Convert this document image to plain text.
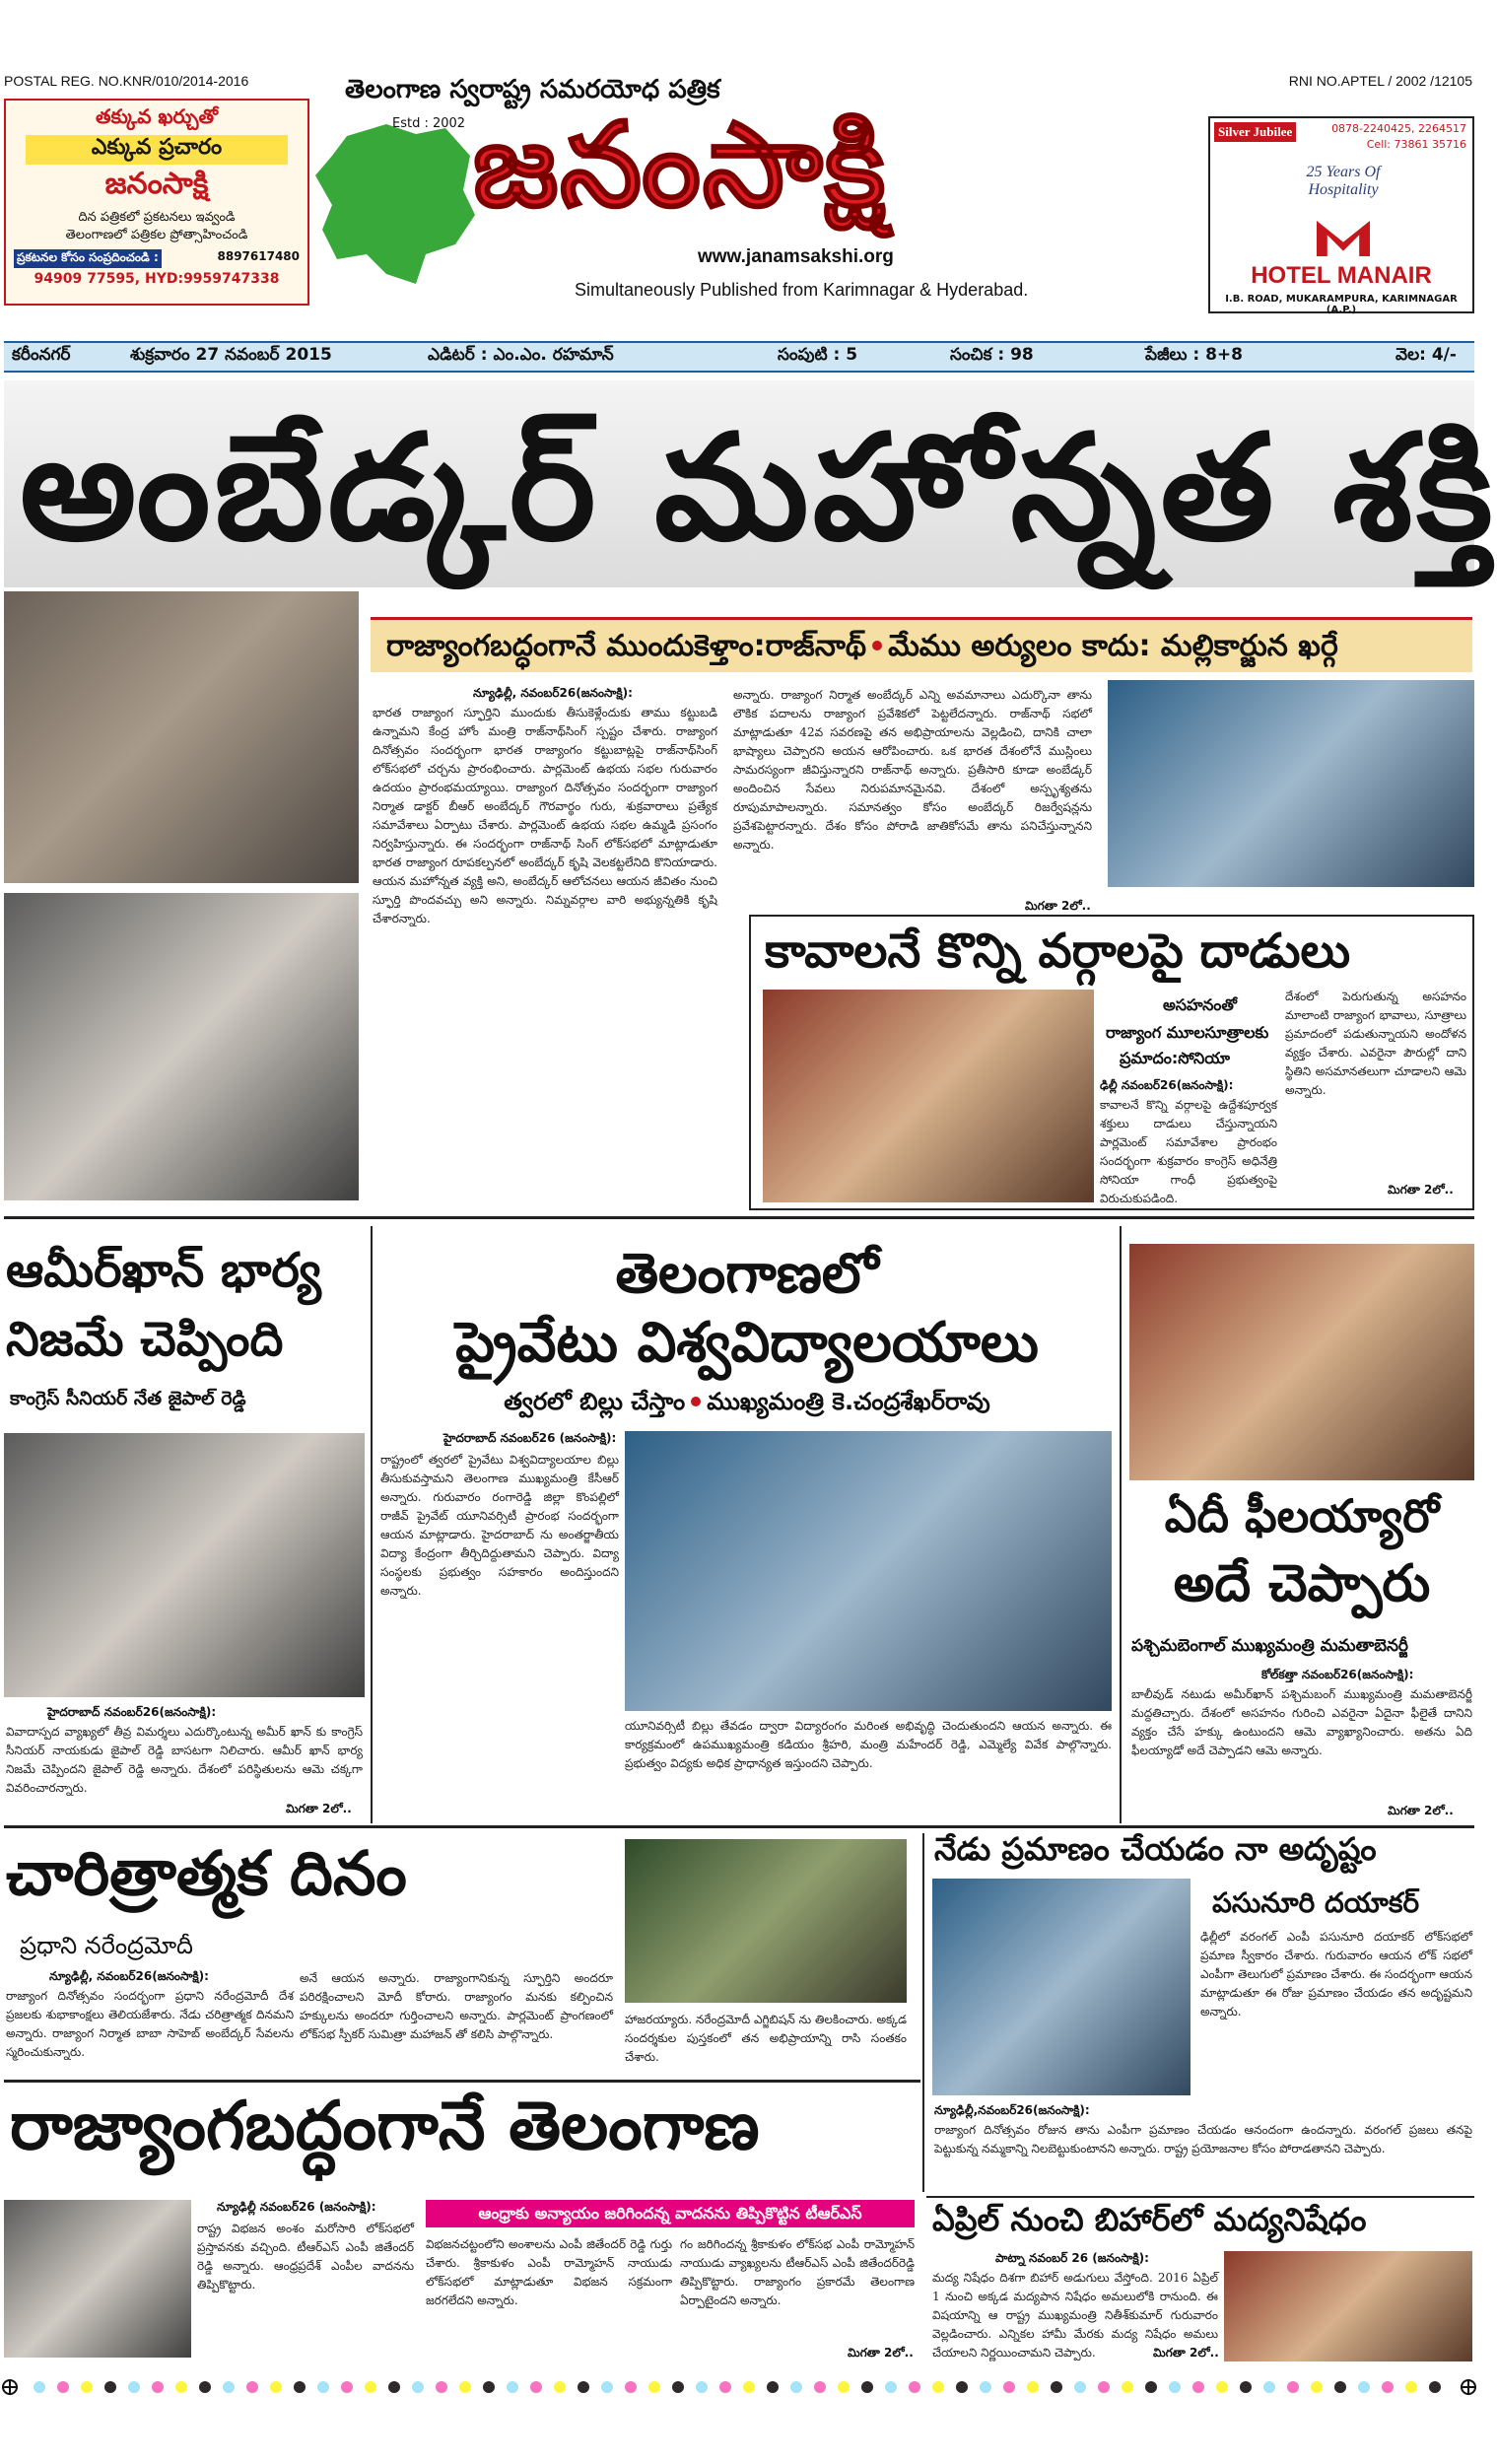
POSTAL REG. NO.KNR/010/2014-2016	RNI NO.APTEL / 2002 /12105
తక్కువ ఖర్చుతో
ఎక్కువ ప్రచారం
జనంసాక్షి
దిన పత్రికలో ప్రకటనలు ఇవ్వండి
తెలంగాణలో పత్రికల ప్రోత్సాహించండి
ప్రకటనల కోసం సంప్రదించండి :	8897617480
94909 77595, HYD:9959747338
తెలంగాణ స్వరాష్ట్ర సమరయోధ పత్రిక
Estd : 2002 జనంసాక్షి
www.janamsakshi.org
Simultaneously Published from Karimnagar & Hyderabad.
Silver Jubilee	0878-2240425, 2264517
Cell: 73861 35716
25 Years Of Hospitality
HOTEL MANAIR
I.B. ROAD, MUKARAMPURA, KARIMNAGAR (A.P.)
కరీంనగర్	శుక్రవారం 27 నవంబర్ 2015	ఎడిటర్ : ఎం.ఎం. రహమాన్	సంపుటి : 5	సంచిక : 98	పేజీలు : 8+8	వెల: 4/-
అంబేడ్కర్ మహోన్నత శక్తి
రాజ్యాంగబద్ధంగానే ముందుకెళ్తాం:రాజ్‌నాథ్ మేము అర్యులం కాదు: మల్లికార్జున ఖర్గే
న్యూఢిల్లీ, నవంబర్26(జనంసాక్షి):
భారత రాజ్యాంగ స్ఫూర్తిని ముందుకు తీసుకెళ్లేందుకు తాము కట్టుబడి ఉన్నామని కేంద్ర హోం మంత్రి రాజ్‌నాథ్‌సింగ్ స్పష్టం చేశారు. రాజ్యాంగ దినోత్సవం సందర్భంగా భారత రాజ్యాంగం కట్టుబాట్లపై రాజ్‌నాథ్‌సింగ్ లోక్‌సభలో చర్చను ప్రారంభించారు. పార్లమెంట్ ఉభయ సభల గురువారం ఉదయం ప్రారంభమయ్యాయి. రాజ్యాంగ దినోత్సవం సందర్భంగా రాజ్యాంగ నిర్మాత డాక్టర్ బీఆర్ అంబేద్కర్ గౌరవార్థం గురు, శుక్రవారాలు ప్రత్యేక సమావేశాలు ఏర్పాటు చేశారు. పార్లమెంట్ ఉభయ సభల ఉమ్మడి ప్రసంగం నిర్వహిస్తున్నారు. ఈ సందర్భంగా రాజ్‌నాథ్ సింగ్ లోక్‌సభలో మాట్లాడుతూ భారత రాజ్యాంగ రూపకల్పనలో అంబేద్కర్ కృషి వెలకట్టలేనిది కొనియాడారు. ఆయన మహోన్నత వ్యక్తి అని, అంబేద్కర్ ఆలోచనలు ఆయన జీవితం నుంచి స్ఫూర్తి పొందవచ్చు అని అన్నారు. నిమ్నవర్గాల వారి అభ్యున్నతికి కృషి చేశారన్నారు.
అన్నారు. రాజ్యాంగ నిర్మాత అంబేద్కర్ ఎన్ని అవమానాలు ఎదుర్కొనా తాను లౌకిక పదాలను రాజ్యాంగ ప్రవేశికలో పెట్టలేదన్నారు. రాజ్‌నాథ్ సభలో మాట్లాడుతూ 42వ సవరణపై తన అభిప్రాయాలను వెల్లడించి, దానికి చాలా భాష్యాలు చెప్పారని అయన ఆరోపించారు. ఒక భారత దేశంలోనే ముస్లింలు సామరస్యంగా జీవిస్తున్నారని రాజ్‌నాథ్ అన్నారు. ప్రతీసారి కూడా అంబేడ్కర్ అందించిన సేవలు నిరుపమానమైనవి. దేశంలో అస్పృశ్యతను రూపుమాపాలన్నారు. సమానత్వం కోసం అంబేద్కర్ రిజర్వేషన్లను ప్రవేశపెట్టారన్నారు. దేశం కోసం పోరాడి జాతికోసమే తాను పనిచేస్తున్నానని అన్నారు.
మిగతా 2లో..
కావాలనే కొన్ని వర్గాలపై దాడులు
అసహనంతో
రాజ్యాంగ మూలసూత్రాలకు
ప్రమాదం:సోనియా
ఢిల్లీ నవంబర్26(జనంసాక్షి):
కావాలనే కొన్ని వర్గాలపై ఉద్దేశపూర్వక శక్తులు దాడులు చేస్తున్నాయని పార్లమెంట్ సమావేశాల ప్రారంభం సందర్భంగా శుక్రవారం కాంగ్రెస్ అధినేత్రి సోనియా గాంధీ ప్రభుత్వంపై విరుచుకుపడింది.
దేశంలో పెరుగుతున్న అసహనం మాలాంటి రాజ్యాంగ భావాలు, సూత్రాలు ప్రమాదంలో పడుతున్నాయని అందోళన వ్యక్తం చేశారు. ఎవరైనా పౌరుల్లో దాని స్థితిని అసమానతలుగా చూడాలని ఆమె అన్నారు.
మిగతా 2లో..
ఆమీర్‌ఖాన్ భార్య
నిజమే చెప్పింది
కాంగ్రెస్ సీనియర్ నేత జైపాల్ రెడ్డి
హైదరాబాద్ నవంబర్26(జనంసాక్షి):
వివాదాస్పద వ్యాఖ్యలో తీవ్ర విమర్శలు ఎదుర్కొంటున్న అమీర్ ఖాన్ కు కాంగ్రెస్ సీనియర్ నాయకుడు జైపాల్ రెడ్డి బాసటగా నిలిచారు. ఆమీర్ ఖాన్ భార్య నిజమే చెప్పిందని జైపాల్ రెడ్డి అన్నారు. దేశంలో పరిస్థితులను ఆమె చక్కగా వివరించారన్నారు.
మిగతా 2లో..
తెలంగాణలో
ప్రైవేటు విశ్వవిద్యాలయాలు
త్వరలో బిల్లు చేస్తాం ముఖ్యమంత్రి కె.చంద్రశేఖర్‌రావు
హైదరాబాద్ నవంబర్26 (జనంసాక్షి):
రాష్ట్రంలో త్వరలో ప్రైవేటు విశ్వవిద్యాలయాల బిల్లు తీసుకువస్తామని తెలంగాణ ముఖ్యమంత్రి కేసీఆర్ అన్నారు. గురువారం రంగారెడ్డి జిల్లా కొంపల్లిలో రాజీవ్ ప్రైవేట్ యూనివర్సిటీ ప్రారంభ సందర్భంగా ఆయన మాట్లాడారు. హైదరాబాద్ ను అంతర్జాతీయ విద్యా కేంద్రంగా తీర్చిదిద్దుతామని చెప్పారు. విద్యా సంస్థలకు ప్రభుత్వం సహకారం అందిస్తుందని అన్నారు.
యూనివర్సిటీ బిల్లు తేవడం ద్వారా విద్యారంగం మరింత అభివృద్ధి చెందుతుందని ఆయన అన్నారు. ఈ కార్యక్రమంలో ఉపముఖ్యమంత్రి కడియం శ్రీహరి, మంత్రి మహేందర్ రెడ్డి, ఎమ్మెల్యే వివేక పాల్గొన్నారు. ప్రభుత్వం విద్యకు అధిక ప్రాధాన్యత ఇస్తుందని చెప్పారు.
ఏదీ ఫీలయ్యారో
అదే చెప్పారు
పశ్చిమబెంగాల్ ముఖ్యమంత్రి మమతాబెనర్జీ
కోల్‌కత్తా నవంబర్26(జనంసాక్షి):
బాలీవుడ్ నటుడు అమీర్‌ఖాన్ పశ్చిమబంగ్ ముఖ్యమంత్రి మమతాబెనర్జీ మద్దతిచ్చారు. దేశంలో అసహనం గురించి ఎవరైనా ఏదైనా ఫీలైతే దానిని వ్యక్తం చేసే హక్కు ఉంటుందని ఆమె వ్యాఖ్యానించారు. అతను ఏది ఫీలయ్యాడో అదే చెప్పాడని ఆమె అన్నారు.
మిగతా 2లో..
చారిత్రాత్మక దినం
ప్రధాని నరేంద్రమోదీ
న్యూఢిల్లీ, నవంబర్26(జనంసాక్షి):
రాజ్యాంగ దినోత్సవం సందర్భంగా ప్రధాని నరేంద్రమోదీ దేశ ప్రజలకు శుభాకాంక్షలు తెలియజేశారు. నేడు చరిత్రాత్మక దినమని అన్నారు. రాజ్యాంగ నిర్మాత బాబా సాహెబ్ అంబేద్కర్ సేవలను స్మరించుకున్నారు.
అనే ఆయన అన్నారు. రాజ్యాంగానికున్న స్ఫూర్తిని అందరూ పరిరక్షించాలని మోదీ కోరారు. రాజ్యాంగం మనకు కల్పించిన హక్కులను అందరూ గుర్తించాలని అన్నారు. పార్లమెంట్ ప్రాంగణంలో లోక్‌సభ స్పీకర్ సుమిత్రా మహాజన్ తో కలిసి పాల్గొన్నారు.
హాజరయ్యారు. నరేంద్రమోదీ ఎగ్జిబిషన్ ను తిలకించారు. అక్కడ సందర్శకుల పుస్తకంలో తన అభిప్రాయాన్ని రాసి సంతకం చేశారు.
నేడు ప్రమాణం చేయడం నా అదృష్టం
పసునూరి దయాకర్
ఢిల్లీలో వరంగల్ ఎంపీ పసునూరి దయాకర్ లోక్‌సభలో ప్రమాణ స్వీకారం చేశారు. గురువారం ఆయన లోక్ సభలో ఎంపీగా తెలుగులో ప్రమాణం చేశారు. ఈ సందర్భంగా ఆయన మాట్లాడుతూ ఈ రోజు ప్రమాణం చేయడం తన అదృష్టమని అన్నారు.
న్యూఢిల్లీ,నవంబర్26(జనంసాక్షి):
రాజ్యాంగ దినోత్సవం రోజున తాను ఎంపీగా ప్రమాణం చేయడం ఆనందంగా ఉందన్నారు. వరంగల్ ప్రజలు తనపై పెట్టుకున్న నమ్మకాన్ని నిలబెట్టుకుంటానని అన్నారు. రాష్ట్ర ప్రయోజనాల కోసం పోరాడతానని చెప్పారు.
రాజ్యాంగబద్ధంగానే తెలంగాణ
న్యూఢిల్లీ నవంబర్26 (జనంసాక్షి):
రాష్ట్ర విభజన అంశం మరోసారి లోక్‌సభలో ప్రస్తావనకు వచ్చింది. టీఆర్ఎస్ ఎంపీ జితేందర్ రెడ్డి అన్నారు. ఆంధ్రప్రదేశ్ ఎంపీల వాదనను తిప్పికొట్టారు.
ఆంధ్రాకు అన్యాయం జరిగిందన్న వాదనను తిప్పికొట్టిన టీఆర్ఎస్
విభజనచట్టంలోని అంశాలను ఎంపీ జితేందర్ రెడ్డి గుర్తు చేశారు. శ్రీకాకుళం ఎంపీ రామ్మోహన్ నాయుడు లోక్‌సభలో మాట్లాడుతూ విభజన సక్రమంగా జరగలేదని అన్నారు.
గం జరిగిందన్న శ్రీకాకుళం లోక్‌సభ ఎంపీ రామ్మోహన్ నాయుడు వ్యాఖ్యలను టీఆర్ఎస్ ఎంపీ జితేందర్‌రెడ్డి తిప్పికొట్టారు. రాజ్యాంగం ప్రకారమే తెలంగాణ ఏర్పాటైందని అన్నారు.
మిగతా 2లో..
ఏప్రిల్ నుంచి బిహార్‌లో మద్యనిషేధం
పాట్నా నవంబర్ 26 (జనంసాక్షి):
మద్య నిషేధం దిశగా బిహార్ అడుగులు వేస్తోంది. 2016 ఏప్రిల్ 1 నుంచి అక్కడ మద్యపాన నిషేధం అమలులోకి రానుంది. ఈ విషయాన్ని ఆ రాష్ట్ర ముఖ్యమంత్రి నితీశ్‌కుమార్ గురువారం వెల్లడించారు. ఎన్నికల హామీ మేరకు మద్య నిషేధం అమలు చేయాలని నిర్ణయించామని చెప్పారు.	మిగతా 2లో..
